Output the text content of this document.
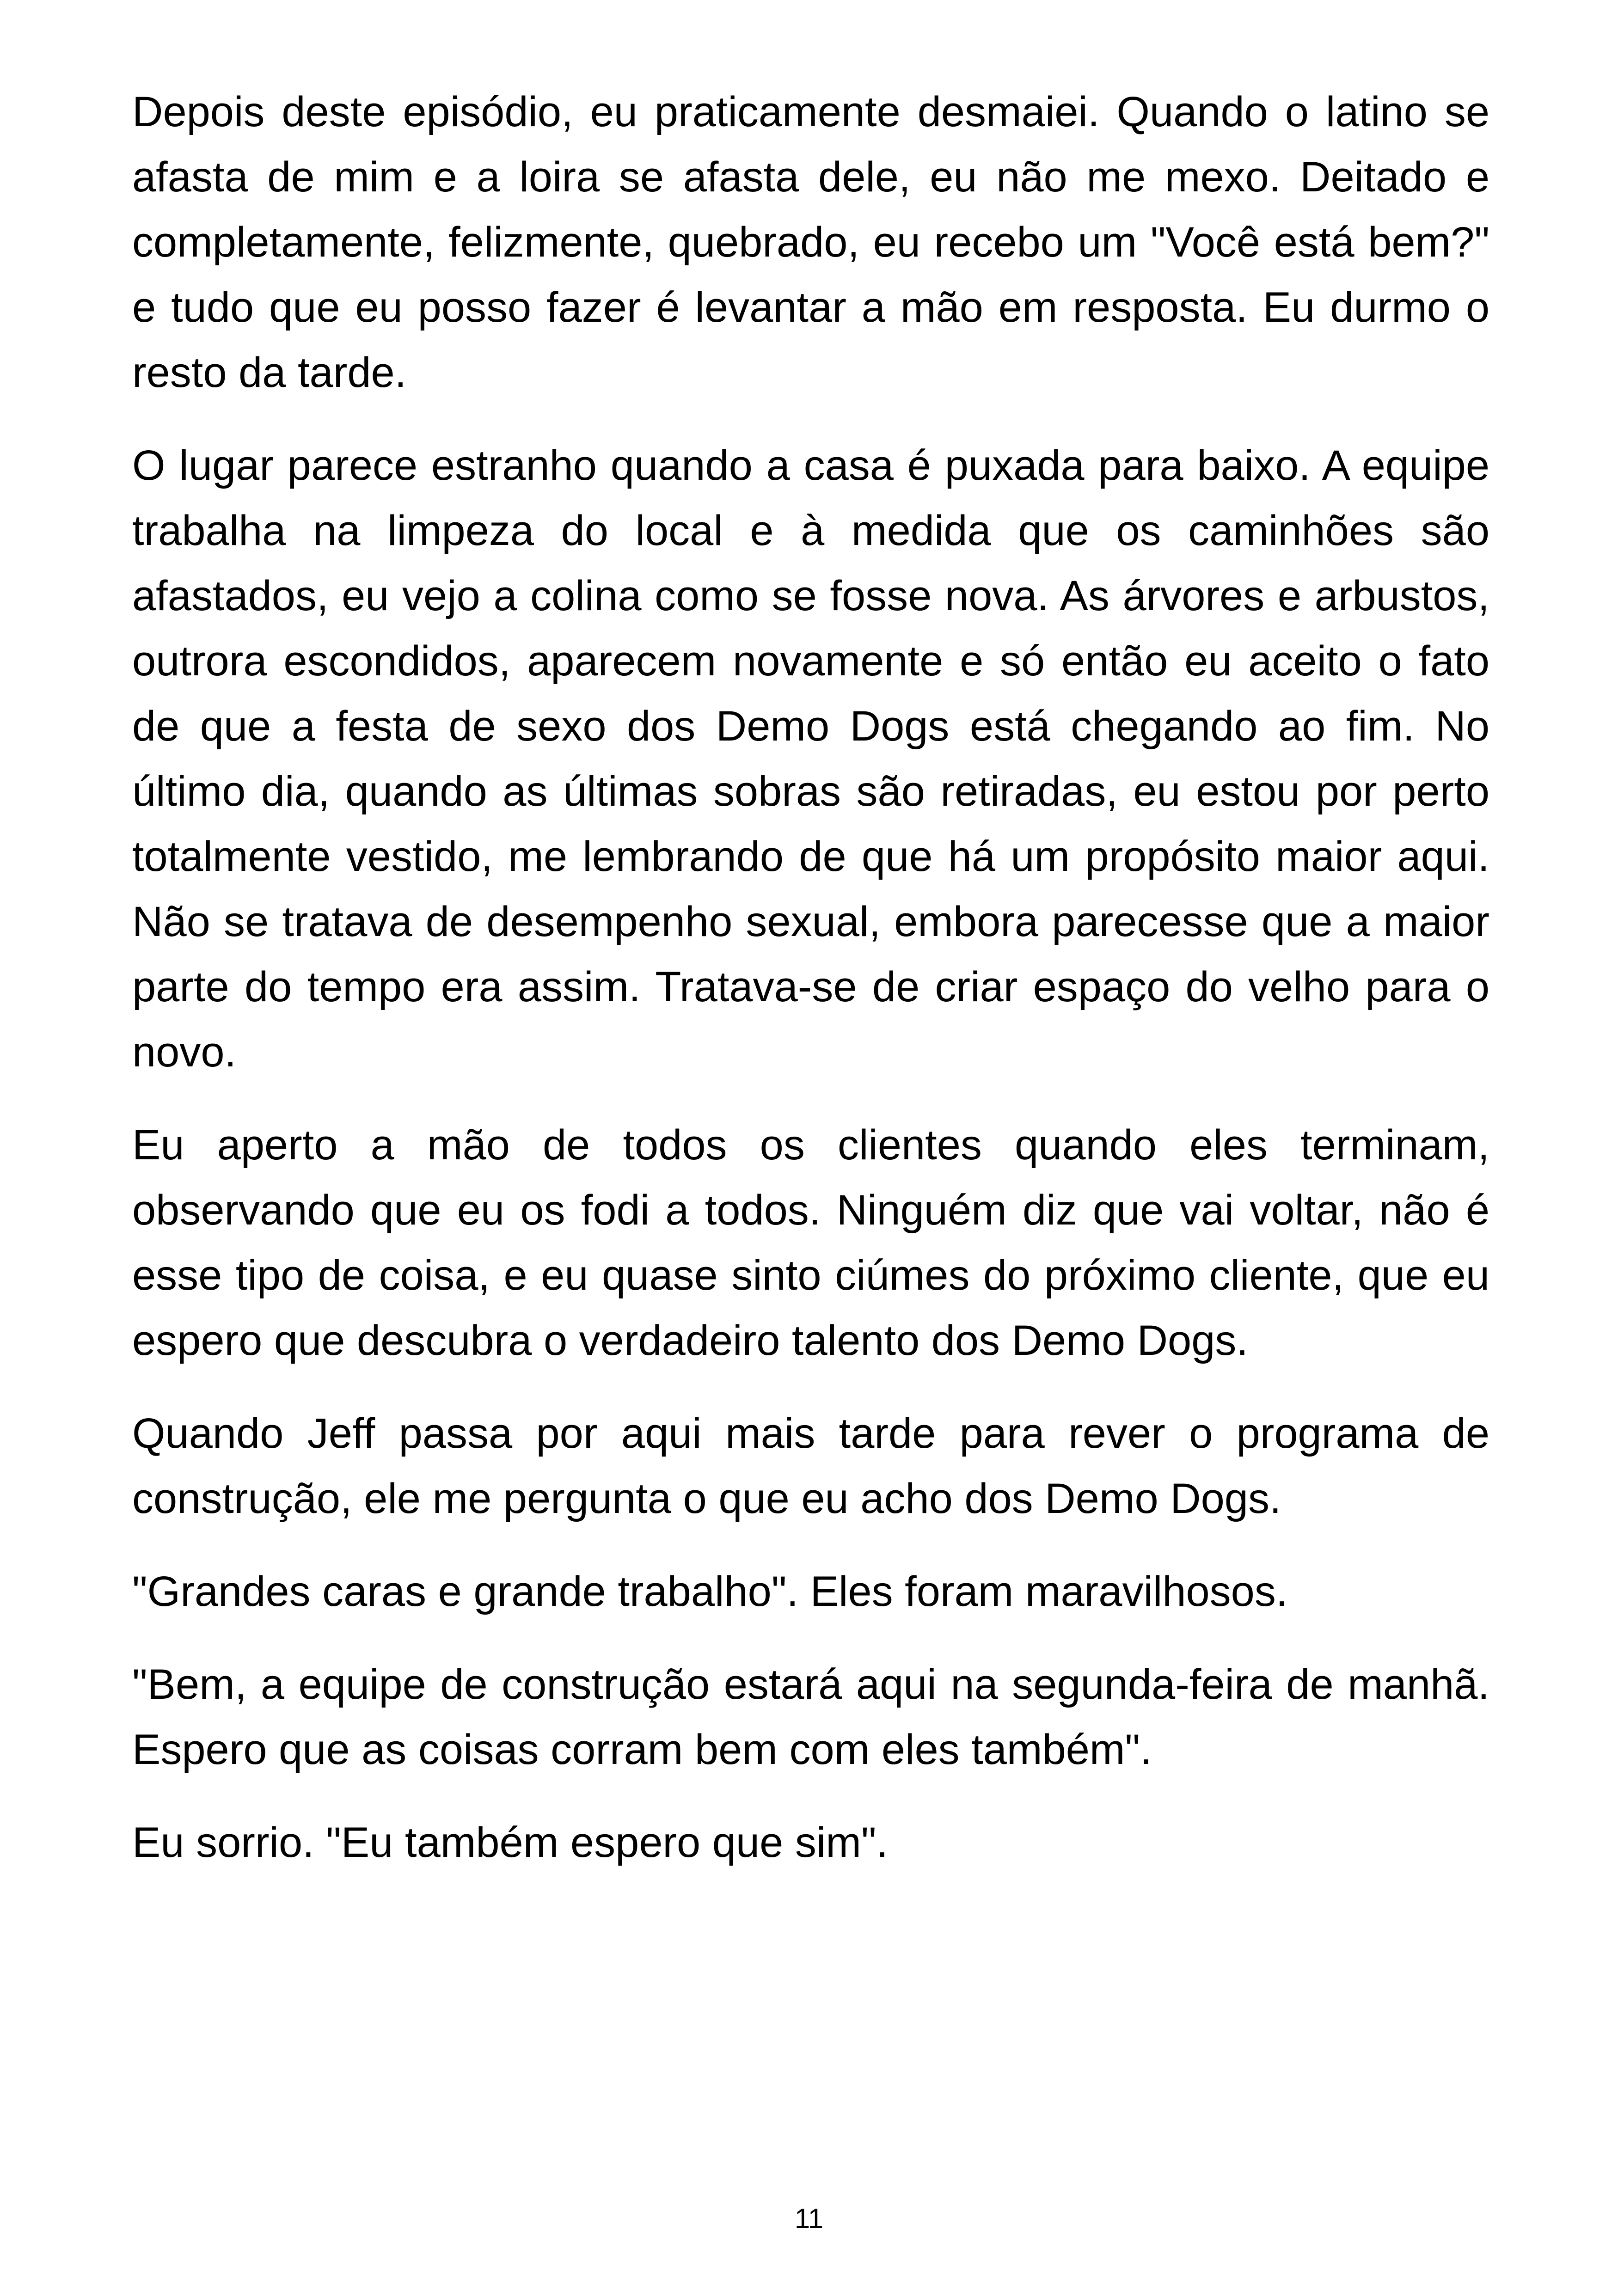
Depois deste episódio, eu praticamente desmaiei. Quando o latino se afasta de mim e a loira se afasta dele, eu não me mexo. Deitado e completamente, felizmente, quebrado, eu recebo um "Você está bem?" e tudo que eu posso fazer é levantar a mão em resposta. Eu durmo o resto da tarde.

O lugar parece estranho quando a casa é puxada para baixo. A equipe trabalha na limpeza do local e à medida que os caminhões são afastados, eu vejo a colina como se fosse nova. As árvores e arbustos, outrora escondidos, aparecem novamente e só então eu aceito o fato de que a festa de sexo dos Demo Dogs está chegando ao fim. No último dia, quando as últimas sobras são retiradas, eu estou por perto totalmente vestido, me lembrando de que há um propósito maior aqui. Não se tratava de desempenho sexual, embora parecesse que a maior parte do tempo era assim. Tratava-se de criar espaço do velho para o novo.

Eu aperto a mão de todos os clientes quando eles terminam, observando que eu os fodi a todos. Ninguém diz que vai voltar, não é esse tipo de coisa, e eu quase sinto ciúmes do próximo cliente, que eu espero que descubra o verdadeiro talento dos Demo Dogs.

Quando Jeff passa por aqui mais tarde para rever o programa de construção, ele me pergunta o que eu acho dos Demo Dogs.

"Grandes caras e grande trabalho". Eles foram maravilhosos.

"Bem, a equipe de construção estará aqui na segunda-feira de manhã. Espero que as coisas corram bem com eles também".

Eu sorrio. "Eu também espero que sim".

11
